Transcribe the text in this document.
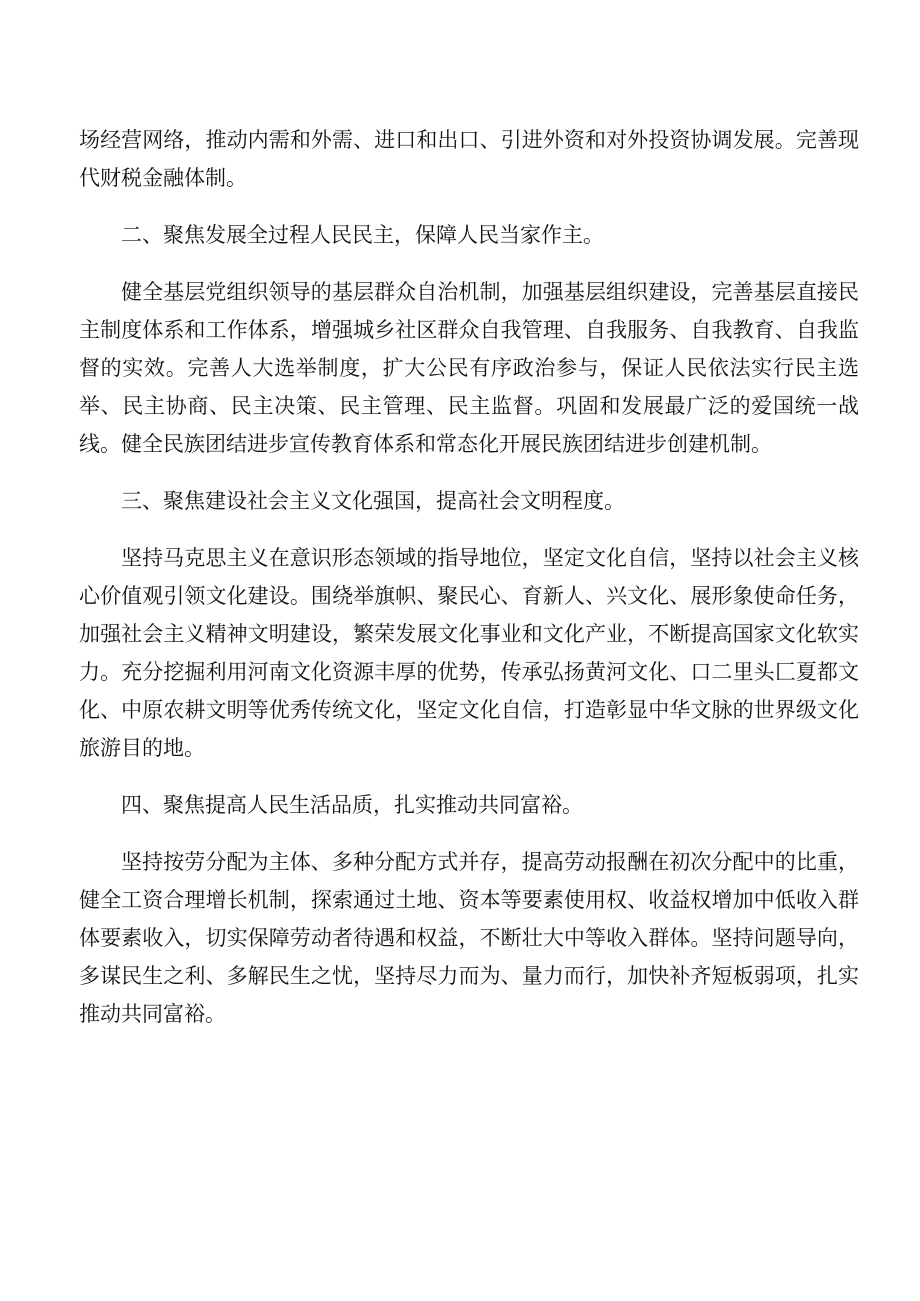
场经营网络，推动内需和外需、进口和出口、引进外资和对外投资协调发展。完善现代财税金融体制。

二、聚焦发展全过程人民民主，保障人民当家作主。

健全基层党组织领导的基层群众自治机制，加强基层组织建设，完善基层直接民主制度体系和工作体系，增强城乡社区群众自我管理、自我服务、自我教育、自我监督的实效。完善人大选举制度，扩大公民有序政治参与，保证人民依法实行民主选举、民主协商、民主决策、民主管理、民主监督。巩固和发展最广泛的爱国统一战线。健全民族团结进步宣传教育体系和常态化开展民族团结进步创建机制。

三、聚焦建设社会主义文化强国，提高社会文明程度。

坚持马克思主义在意识形态领域的指导地位，坚定文化自信，坚持以社会主义核心价值观引领文化建设。围绕举旗帜、聚民心、育新人、兴文化、展形象使命任务，加强社会主义精神文明建设，繁荣发展文化事业和文化产业，不断提高国家文化软实力。充分挖掘利用河南文化资源丰厚的优势，传承弘扬黄河文化、口二里头匚夏都文化、中原农耕文明等优秀传统文化，坚定文化自信，打造彰显中华文脉的世界级文化旅游目的地。

四、聚焦提高人民生活品质，扎实推动共同富裕。

坚持按劳分配为主体、多种分配方式并存，提高劳动报酬在初次分配中的比重，健全工资合理增长机制，探索通过土地、资本等要素使用权、收益权增加中低收入群体要素收入，切实保障劳动者待遇和权益，不断壮大中等收入群体。坚持问题导向，多谋民生之利、多解民生之忧，坚持尽力而为、量力而行，加快补齐短板弱项，扎实推动共同富裕。
